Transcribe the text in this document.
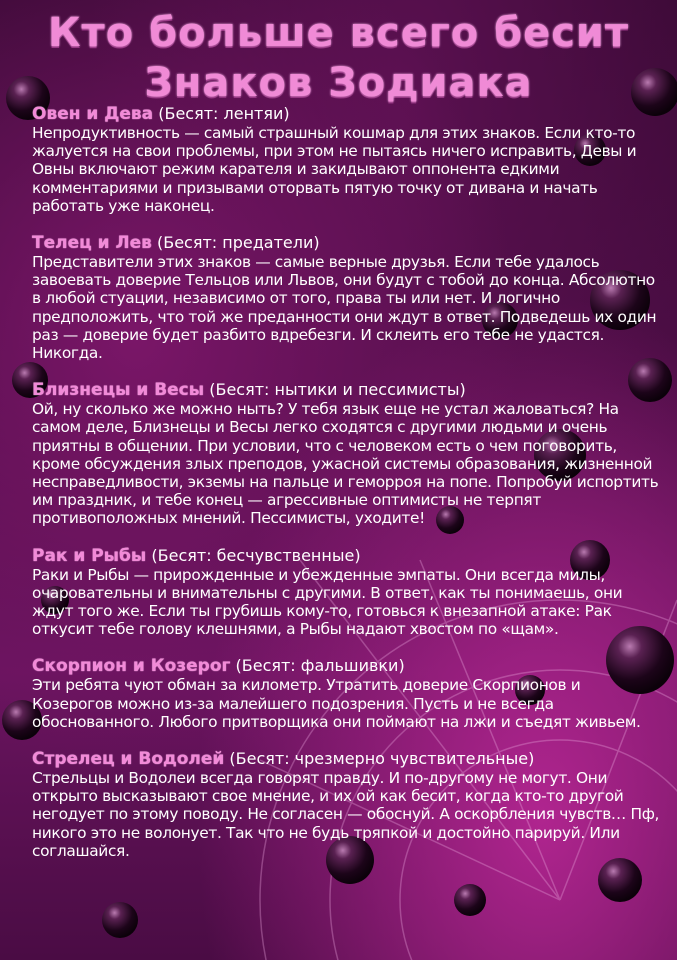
Кто больше всего бесит
Знаков Зодиака
Овен и Дева (Бесят: лентяи)
Непродуктивность — самый страшный кошмар для этих знаков. Если кто-то жалуется на свои проблемы, при этом не пытаясь ничего исправить, Девы и Овны включают режим карателя и закидывают оппонента едкими комментариями и призывами оторвать пятую точку от дивана и начать работать уже наконец.
Телец и Лев (Бесят: предатели)
Представители этих знаков — самые верные друзья. Если тебе удалось завоевать доверие Тельцов или Львов, они будут с тобой до конца. Абсолютно в любой стуации, независимо от того, права ты или нет. И логично предположить, что той же преданности они ждут в ответ. Подведешь их один раз — доверие будет разбито вдребезги. И склеить его тебе не удастся. Никогда.
Близнецы и Весы (Бесят: нытики и пессимисты)
Ой, ну сколько же можно ныть? У тебя язык еще не устал жаловаться? На самом деле, Близнецы и Весы легко сходятся с другими людьми и очень приятны в общении. При условии, что с человеком есть о чем поговорить, кроме обсуждения злых преподов, ужасной системы образования, жизненной несправедливости, экземы на пальце и геморроя на попе. Попробуй испортить им праздник, и тебе конец — агрессивные оптимисты не терпят противоположных мнений. Пессимисты, уходите!
Рак и Рыбы (Бесят: бесчувственные)
Раки и Рыбы — прирожденные и убежденные эмпаты. Они всегда милы, очаровательны и внимательны с другими. В ответ, как ты понимаешь, они ждут того же. Если ты грубишь кому-то, готовься к внезапной атаке: Рак откусит тебе голову клешнями, а Рыбы надают хвостом по «щам».
Скорпион и Козерог (Бесят: фальшивки)
Эти ребята чуют обман за километр. Утратить доверие Скорпионов и Козерогов можно из-за малейшего подозрения. Пусть и не всегда обоснованного. Любого притворщика они поймают на лжи и съедят живьем.
Стрелец и Водолей (Бесят: чрезмерно чувствительные)
Стрельцы и Водолеи всегда говорят правду. И по-другому не могут. Они открыто высказывают свое мнение, и их ой как бесит, когда кто-то другой негодует по этому поводу. Не согласен — обоснуй. А оскорбления чувств… Пф, никого это не волонует. Так что не будь тряпкой и достойно парируй. Или соглашайся.
